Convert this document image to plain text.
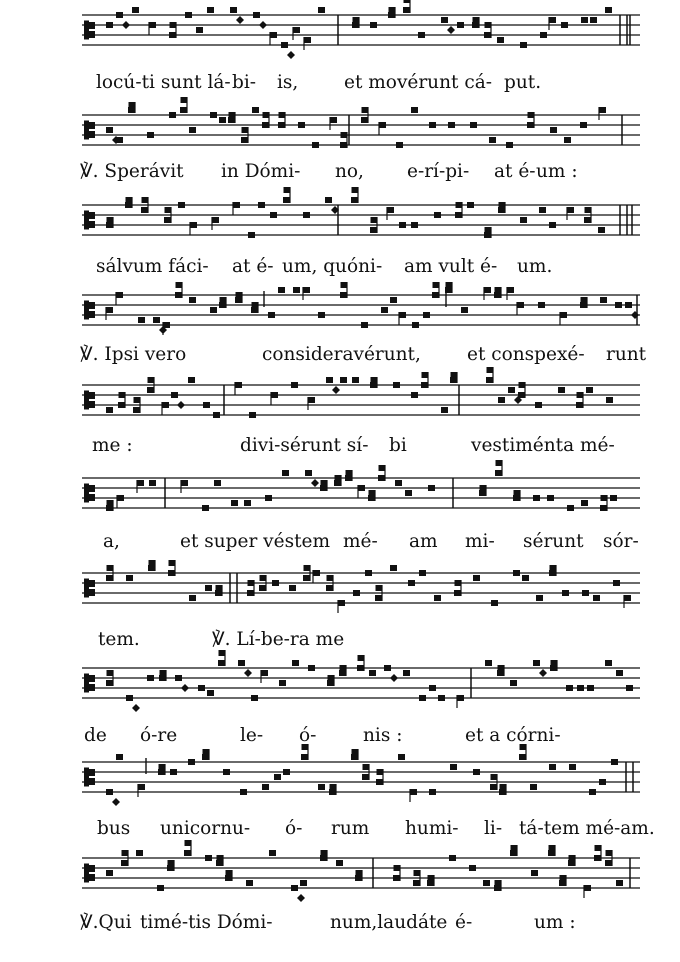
locú-ti sunt lá- bi- is, et movérunt cá- put.
℣. Sperávit in Dómi- no, e-rí-pi- at é- um :
sálvum fáci- at é- um, quóni- am vult é- um.
℣. Ipsi vero	consideravérunt, et conspexé- runt
me :	divi-sérunt sí- bi	vestiménta mé-
a,	et super véstem mé- am mi- sérunt sór-
tem.	℣. Lí-be-ra me
de ó-re	le- ó-	nis :	et a córni-
bus unicornu- ó- rum humi- li- tá-tem mé-am.
℣.Qui timé-tis Dómi-	num,laudáte é-	um :
